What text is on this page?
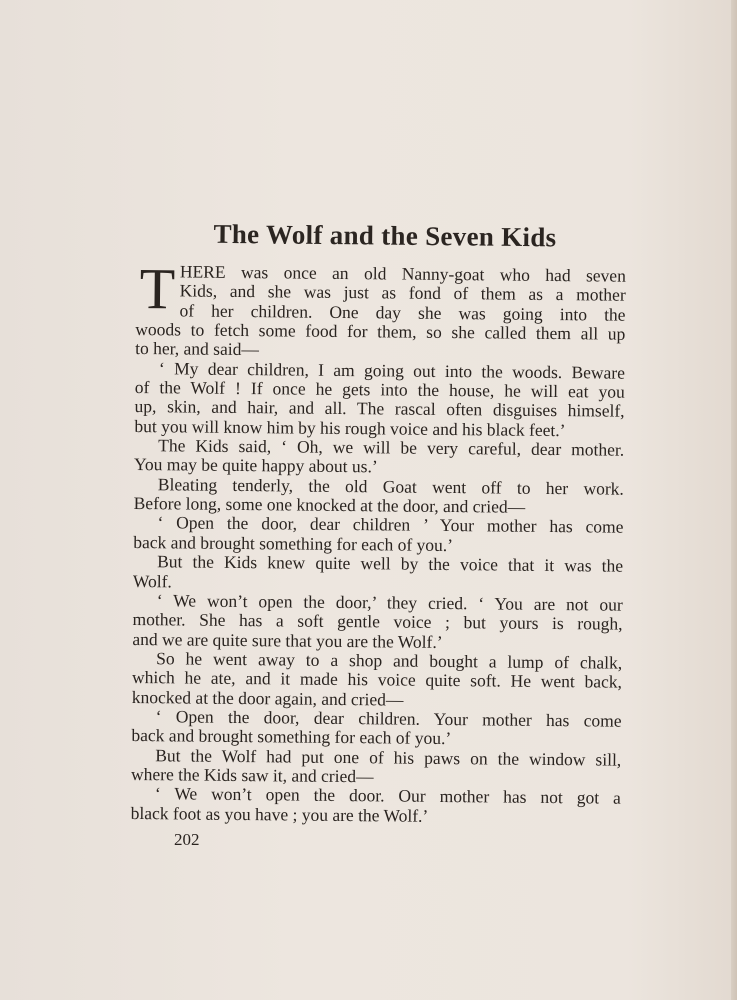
The Wolf and the Seven Kids
T HERE was once an old Nanny-goat who had seven
Kids, and she was just as fond of them as a mother
of her children. One day she was going into the
woods to fetch some food for them, so she called them all up
to her, and said—
‘ My dear children, I am going out into the woods. Beware
of the Wolf ! If once he gets into the house, he will eat you
up, skin, and hair, and all. The rascal often disguises himself,
but you will know him by his rough voice and his black feet.’
The Kids said, ‘ Oh, we will be very careful, dear mother.
You may be quite happy about us.’
Bleating tenderly, the old Goat went off to her work.
Before long, some one knocked at the door, and cried—
‘ Open the door, dear children ’ Your mother has come
back and brought something for each of you.’
But the Kids knew quite well by the voice that it was the
Wolf.
‘ We won’t open the door,’ they cried. ‘ You are not our
mother. She has a soft gentle voice ; but yours is rough,
and we are quite sure that you are the Wolf.’
So he went away to a shop and bought a lump of chalk,
which he ate, and it made his voice quite soft. He went back,
knocked at the door again, and cried—
‘ Open the door, dear children. Your mother has come
back and brought something for each of you.’
But the Wolf had put one of his paws on the window sill,
where the Kids saw it, and cried—
‘ We won’t open the door. Our mother has not got a
black foot as you have ; you are the Wolf.’
202
